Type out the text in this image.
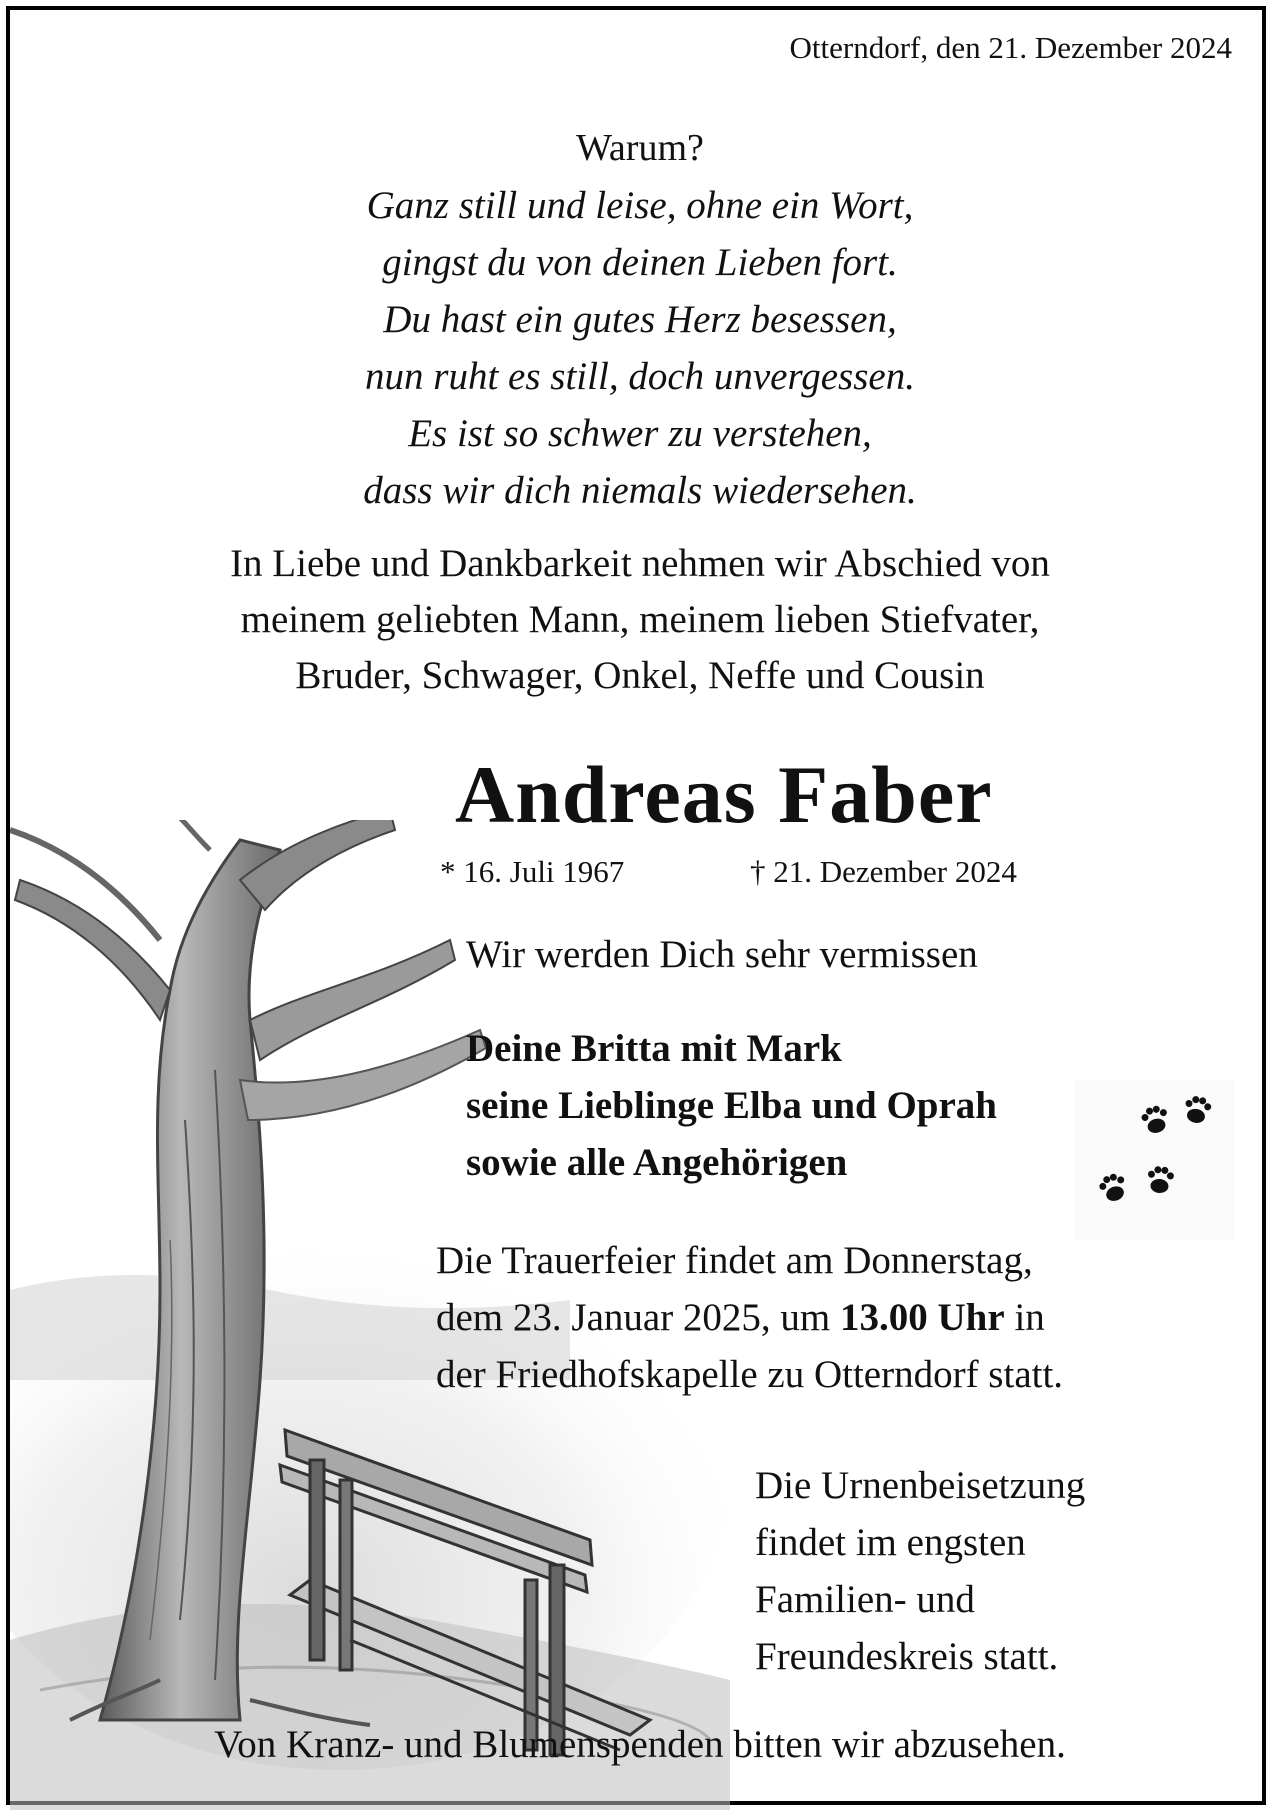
Otterndorf, den 21. Dezember 2024
Warum?
Ganz still und leise, ohne ein Wort,
gingst du von deinen Lieben fort.
Du hast ein gutes Herz besessen,
nun ruht es still, doch unvergessen.
Es ist so schwer zu verstehen,
dass wir dich niemals wiedersehen.
In Liebe und Dankbarkeit nehmen wir Abschied von
meinem geliebten Mann, meinem lieben Stiefvater,
Bruder, Schwager, Onkel, Neffe und Cousin
Andreas Faber
* 16. Juli 1967	† 21. Dezember 2024
Wir werden Dich sehr vermissen
Deine Britta mit Mark
seine Lieblinge Elba und Oprah
sowie alle Angehörigen
Die Trauerfeier findet am Donnerstag,
dem 23. Januar 2025, um 13.00 Uhr in
der Friedhofskapelle zu Otterndorf statt.
Die Urnenbeisetzung
findet im engsten
Familien- und
Freundeskreis statt.
Von Kranz- und Blumenspenden bitten wir abzusehen.
